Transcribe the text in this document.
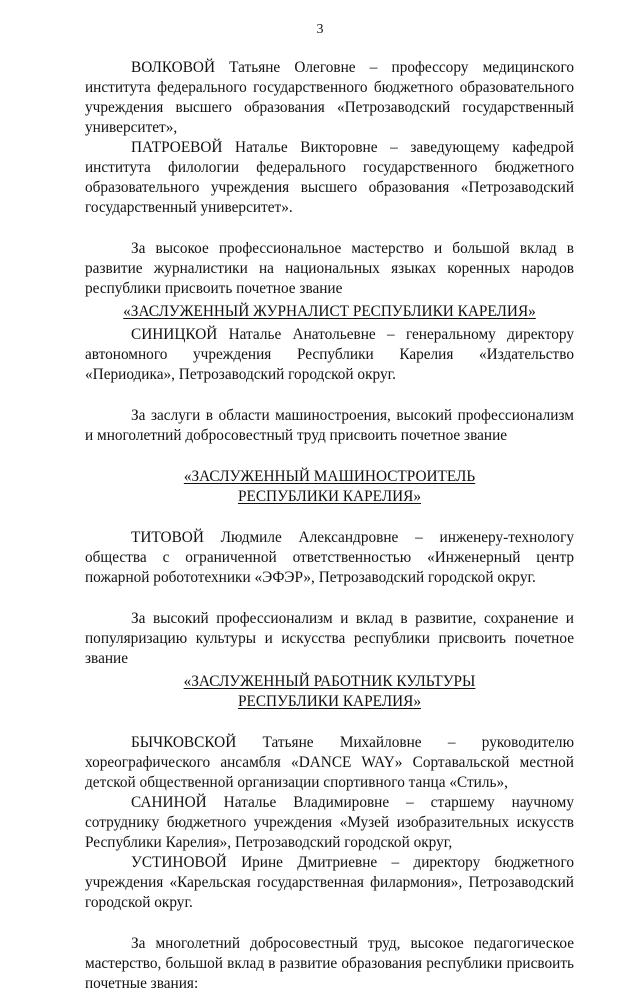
3

ВОЛКОВОЙ Татьяне Олеговне – профессору медицинского института федерального государственного бюджетного образовательного учреждения высшего образования «Петрозаводский государственный университет»,

ПАТРОЕВОЙ Наталье Викторовне – заведующему кафедрой института филологии федерального государственного бюджетного образовательного учреждения высшего образования «Петрозаводский государственный университет».

За высокое профессиональное мастерство и большой вклад в развитие журналистики на национальных языках коренных народов республики присвоить почетное звание

«ЗАСЛУЖЕННЫЙ ЖУРНАЛИСТ РЕСПУБЛИКИ КАРЕЛИЯ»

СИНИЦКОЙ Наталье Анатольевне – генеральному директору автономного учреждения Республики Карелия «Издательство «Периодика», Петрозаводский городской округ.

За заслуги в области машиностроения, высокий профессионализм и многолетний добросовестный труд присвоить почетное звание

«ЗАСЛУЖЕННЫЙ МАШИНОСТРОИТЕЛЬ
РЕСПУБЛИКИ КАРЕЛИЯ»

ТИТОВОЙ Людмиле Александровне – инженеру-технологу общества с ограниченной ответственностью «Инженерный центр пожарной робототехники «ЭФЭР», Петрозаводский городской округ.

За высокий профессионализм и вклад в развитие, сохранение и популяризацию культуры и искусства республики присвоить почетное звание

«ЗАСЛУЖЕННЫЙ РАБОТНИК КУЛЬТУРЫ
РЕСПУБЛИКИ КАРЕЛИЯ»

БЫЧКОВСКОЙ Татьяне Михайловне – руководителю хореографического ансамбля «DANCE WAY» Сортавальской местной детской общественной организации спортивного танца «Стиль»,

САНИНОЙ Наталье Владимировне – старшему научному сотруднику бюджетного учреждения «Музей изобразительных искусств Республики Карелия», Петрозаводский городской округ,

УСТИНОВОЙ Ирине Дмитриевне – директору бюджетного учреждения «Карельская государственная филармония», Петрозаводский городской округ.

За многолетний добросовестный труд, высокое педагогическое мастерство, большой вклад в развитие образования республики присвоить почетные звания:
